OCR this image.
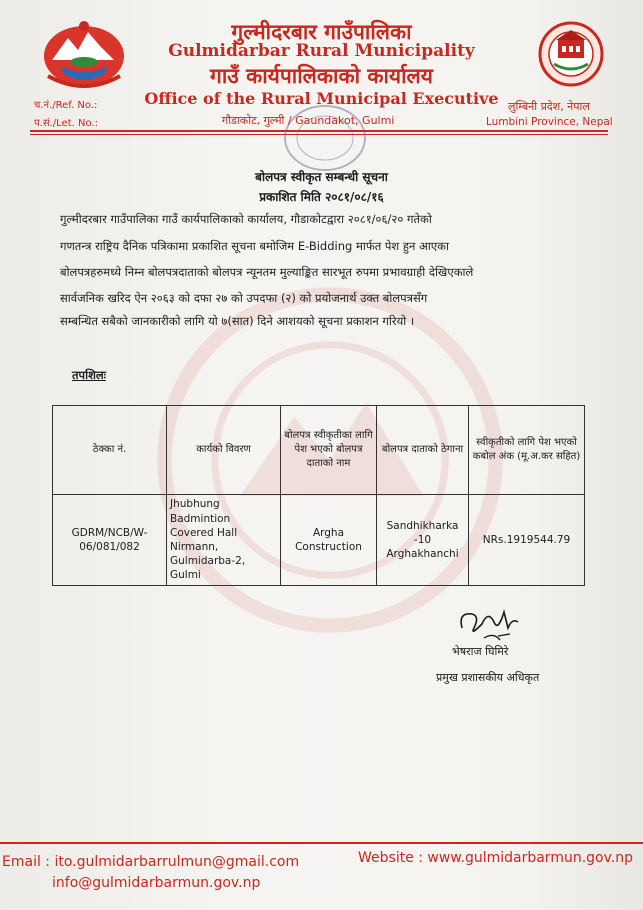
गुल्मीदरबार गाउँपालिका
Gulmidarbar Rural Municipality
गाउँ कार्यपालिकाको कार्यालय
Office of the Rural Municipal Executive
च.नं./Ref. No.:
प.सं./Let. No.:	गौडाकोट, गुल्मी / Gaundakot, Gulmi
लुम्बिनी प्रदेश, नेपाल
Lumbini Province, Nepal
बोलपत्र स्वीकृत सम्बन्धी सूचना
प्रकाशित मिति २०८१/०८/१६
गुल्मीदरबार गाउँपालिका गाउँ कार्यपालिकाको कार्यालय, गौडाकोटद्वारा २०८१/०६/२० गतेको
गणतन्त्र राष्ट्रिय दैनिक पत्रिकामा प्रकाशित सूचना बमोजिम E-Bidding मार्फत पेश हुन आएका
बोलपत्रहरुमध्ये निम्न बोलपत्रदाताको बोलपत्र न्यूनतम मुल्याङ्कित सारभूत रुपमा प्रभावग्राही देखिएकाले
सार्वजनिक खरिद ऐन २०६३ को दफा २७ को उपदफा (२) को प्रयोजनार्थ उक्त बोलपत्रसँग
सम्बन्धित सबैको जानकारीको लागि यो ७(सात) दिने आशयको सूचना प्रकाशन गरियो ।
तपशिलः
ठेक्का नं.	कार्यको विवरण	बोलपत्र स्वीकृतीका लागि पेश भएको बोलपत्र दाताको नाम	बोलपत्र दाताको ठेगाना	स्वीकृतीको लागि पेश भएको कबोल अंक (मू.अ.कर सहित)
GDRM/NCB/W-06/081/082	Jhubhung Badmintion Covered Hall Nirmann, Gulmidarba-2, Gulmi	Argha Construction	Sandhikharka -10 Arghakhanchi	NRs.1919544.79
भेषराज घिमिरे
प्रमुख प्रशासकीय अधिकृत
Email : ito.gulmidarbarrulmun@gmail.com
info@gulmidarbarmun.gov.np
Website : www.gulmidarbarmun.gov.np
